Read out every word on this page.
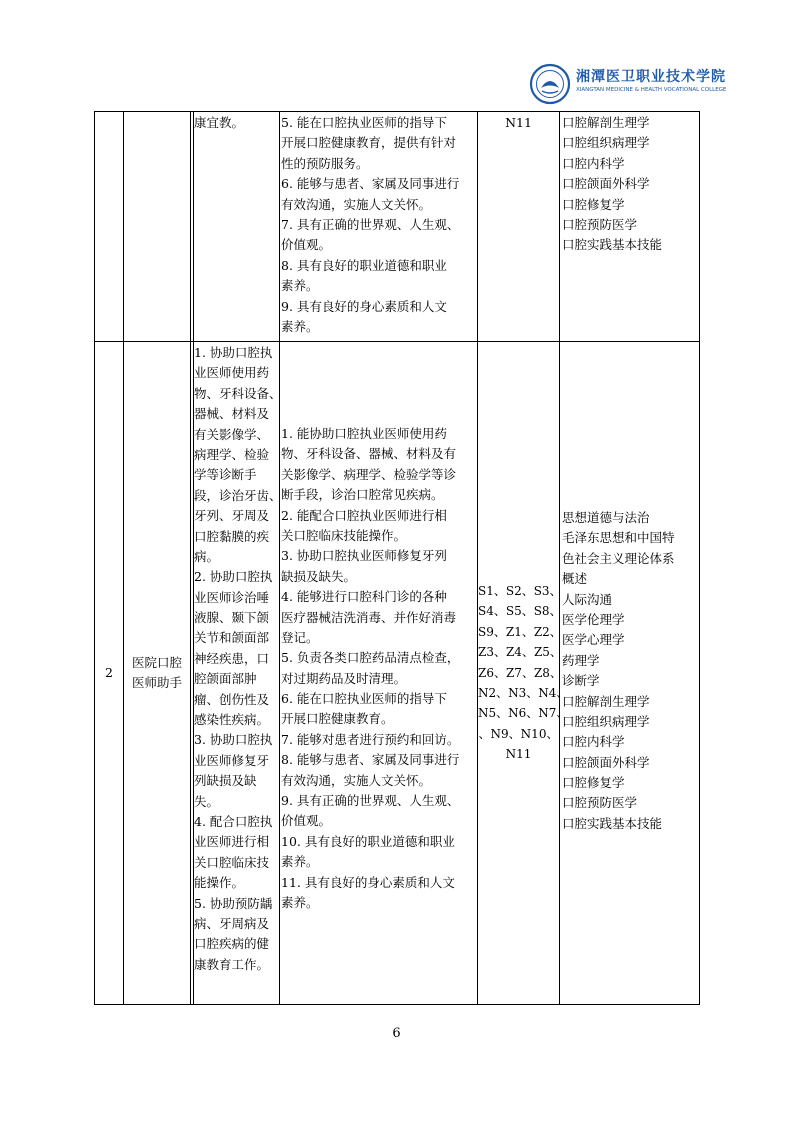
湘潭医卫职业技术学院
XIANGTAN MEDICINE & HEALTH VOCATIONAL COLLEGE
康宜教。	5. 能在口腔执业医师的指导下
开展口腔健康教育，提供有针对
性的预防服务。
6. 能够与患者、家属及同事进行
有效沟通，实施人文关怀。
7. 具有正确的世界观、人生观、
价值观。
8. 具有良好的职业道德和职业
素养。
9. 具有良好的身心素质和人文
素养。
N11	口腔解剖生理学
口腔组织病理学
口腔内科学
口腔颌面外科学
口腔修复学
口腔预防医学
口腔实践基本技能
2
医院口腔
医师助手
1. 协助口腔执
业医师使用药
物、牙科设备、
器械、材料及
有关影像学、
病理学、检验
学等诊断手
段，诊治牙齿、
牙列、牙周及
口腔黏膜的疾
病。
2. 协助口腔执
业医师诊治唾
液腺、颞下颌
关节和颌面部
神经疾患，口
腔颌面部肿
瘤、创伤性及
感染性疾病。
3. 协助口腔执
业医师修复牙
列缺损及缺
失。
4. 配合口腔执
业医师进行相
关口腔临床技
能操作。
5. 协助预防龋
病、牙周病及
口腔疾病的健
康教育工作。
1. 能协助口腔执业医师使用药
物、牙科设备、器械、材料及有
关影像学、病理学、检验学等诊
断手段，诊治口腔常见疾病。
2. 能配合口腔执业医师进行相
关口腔临床技能操作。
3. 协助口腔执业医师修复牙列
缺损及缺失。
4. 能够进行口腔科门诊的各种
医疗器械洁洗消毒、并作好消毒
登记。
5. 负责各类口腔药品清点检查，
对过期药品及时清理。
6. 能在口腔执业医师的指导下
开展口腔健康教育。
7. 能够对患者进行预约和回访。
8. 能够与患者、家属及同事进行
有效沟通，实施人文关怀。
9. 具有正确的世界观、人生观、
价值观。
10. 具有良好的职业道德和职业
素养。
11. 具有良好的身心素质和人文
素养。
S1、S2、S3、
S4、S5、S8、
S9、Z1、Z2、
Z3、Z4、Z5、
Z6、Z7、Z8、
N2、N3、N4、
N5、N6、N7、
、N9、N10、
N11
思想道德与法治
毛泽东思想和中国特
色社会主义理论体系
概述
人际沟通
医学伦理学
医学心理学
药理学
诊断学
口腔解剖生理学
口腔组织病理学
口腔内科学
口腔颌面外科学
口腔修复学
口腔预防医学
口腔实践基本技能
6
